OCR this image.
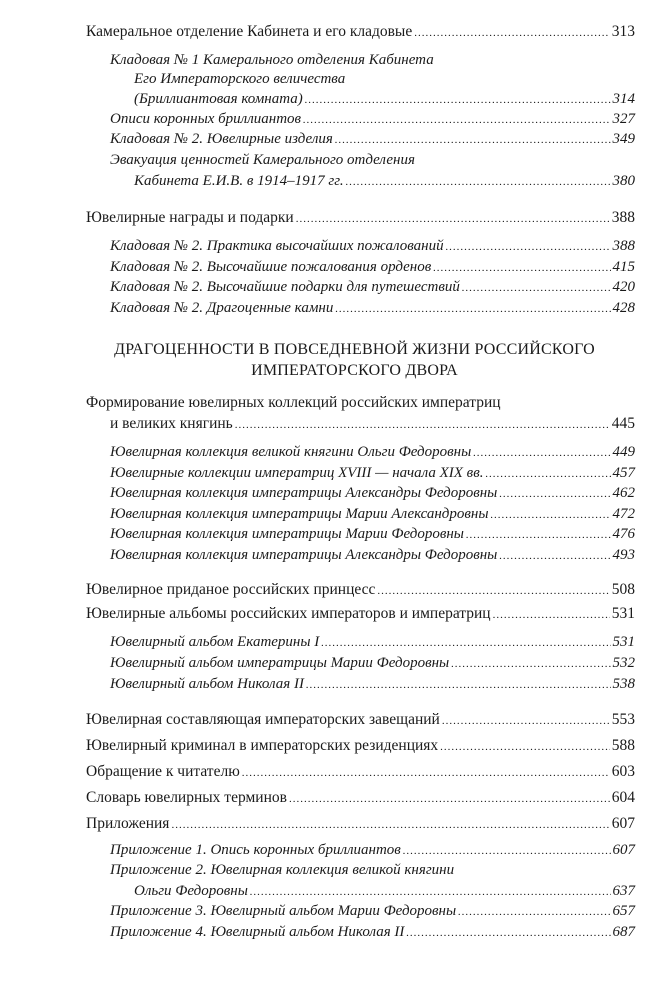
Камеральное отделение Кабинета и его кладовые .....	313
Кладовая № 1 Камерального отделения Кабинета
Его Императорского величества
(Бриллиантовая комната) .....	314
Описи коронных бриллиантов .....	327
Кладовая № 2. Ювелирные изделия .....	349
Эвакуация ценностей Камерального отделения
Кабинета Е.И.В. в 1914–1917 гг. .....	380
Ювелирные награды и подарки .....	388
Кладовая № 2. Практика высочайших пожалований .....	388
Кладовая № 2. Высочайшие пожалования орденов .....	415
Кладовая № 2. Высочайшие подарки для путешествий .....	420
Кладовая № 2. Драгоценные камни .....	428
ДРАГОЦЕННОСТИ В ПОВСЕДНЕВНОЙ ЖИЗНИ РОССИЙСКОГО
ИМПЕРАТОРСКОГО ДВОРА
Формирование ювелирных коллекций российских императриц
и великих княгинь .....	445
Ювелирная коллекция великой княгини Ольги Федоровны .....	449
Ювелирные коллекции императриц XVIII — начала XIX вв. .....	457
Ювелирная коллекция императрицы Александры Федоровны .....	462
Ювелирная коллекция императрицы Марии Александровны .....	472
Ювелирная коллекция императрицы Марии Федоровны .....	476
Ювелирная коллекция императрицы Александры Федоровны .....	493
Ювелирное приданое российских принцесс .....	508
Ювелирные альбомы российских императоров и императриц .....	531
Ювелирный альбом Екатерины I .....	531
Ювелирный альбом императрицы Марии Федоровны .....	532
Ювелирный альбом Николая II .....	538
Ювелирная составляющая императорских завещаний .....	553
Ювелирный криминал в императорских резиденциях .....	588
Обращение к читателю .....	603
Словарь ювелирных терминов .....	604
Приложения .....	607
Приложение 1. Опись коронных бриллиантов .....	607
Приложение 2. Ювелирная коллекция великой княгини
Ольги Федоровны .....	637
Приложение 3. Ювелирный альбом Марии Федоровны .....	657
Приложение 4. Ювелирный альбом Николая II .....	687
